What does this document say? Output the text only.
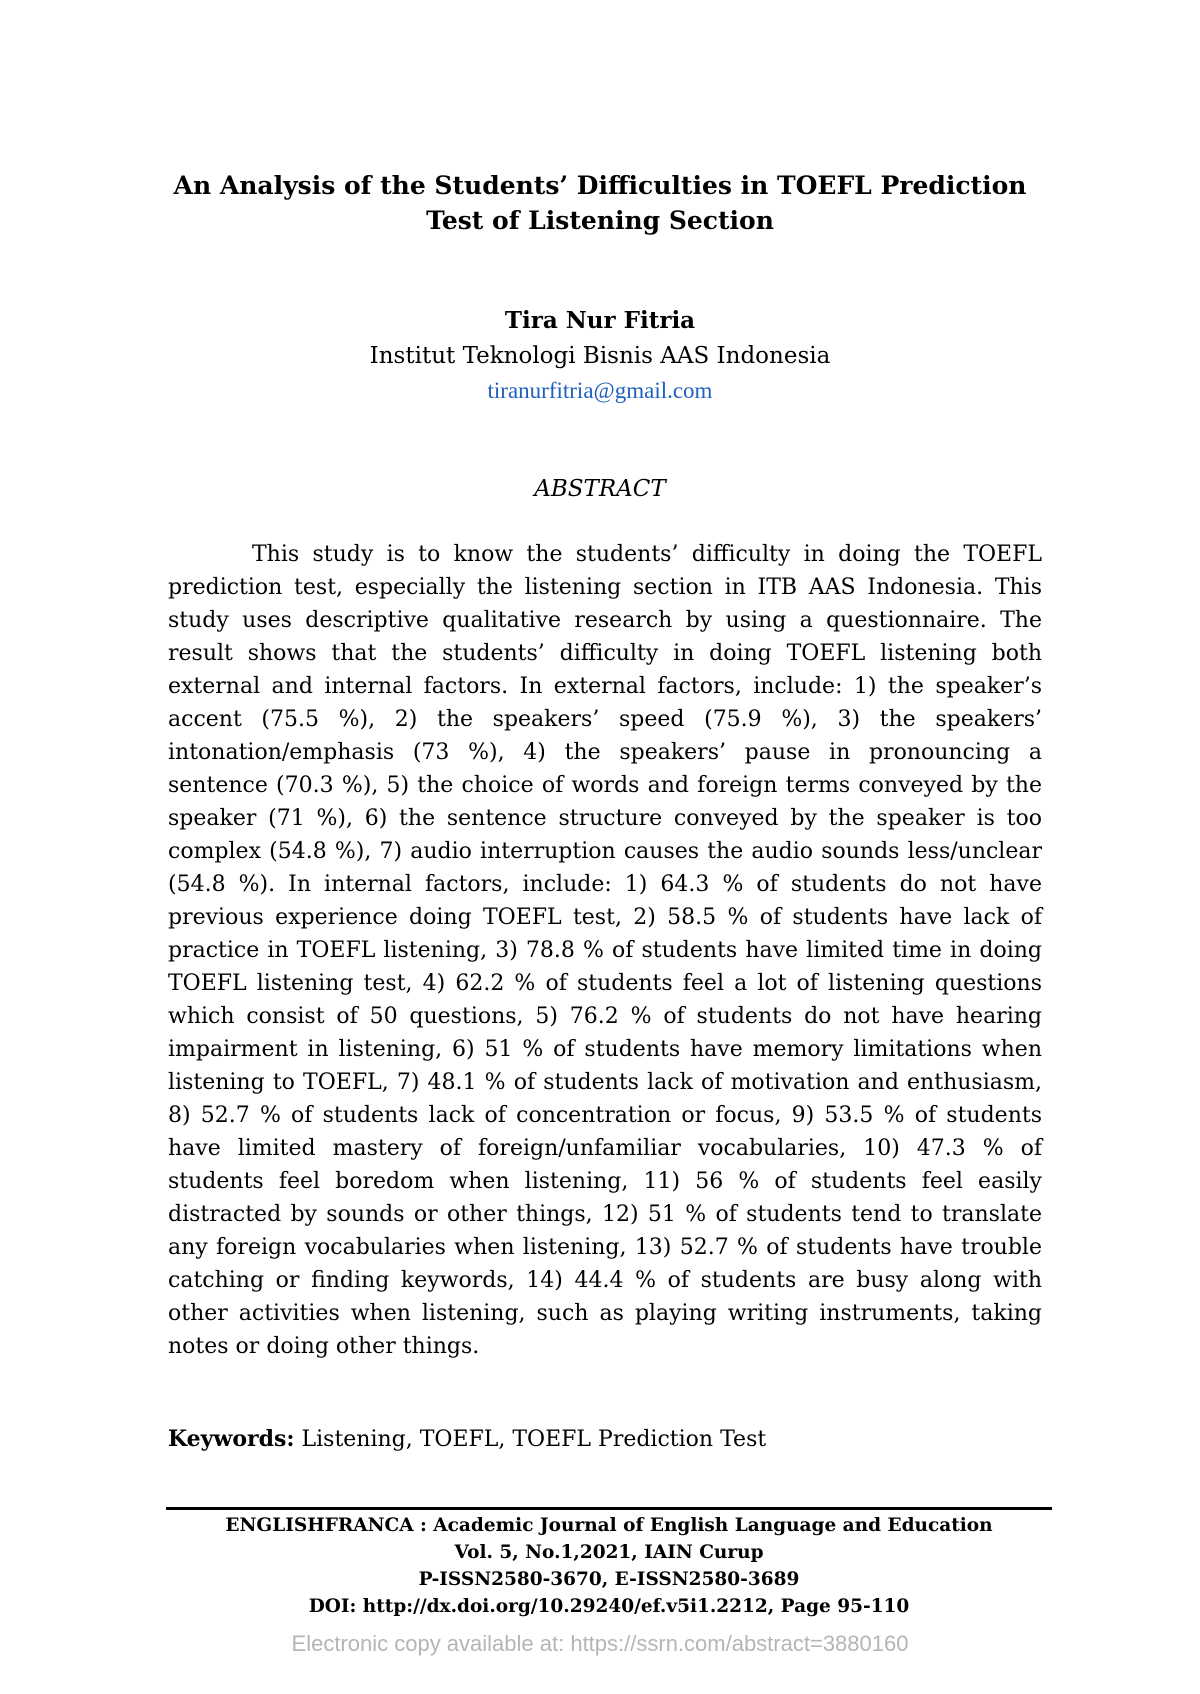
An Analysis of the Students’ Difficulties in TOEFL Prediction
Test of Listening Section
Tira Nur Fitria
Institut Teknologi Bisnis AAS Indonesia
tiranurfitria@gmail.com
ABSTRACT

This study is to know the students’ difficulty in doing the TOEFL prediction test, especially the listening section in ITB AAS Indonesia. This study uses descriptive qualitative research by using a questionnaire. The result shows that the students’ difficulty in doing TOEFL listening both external and internal factors. In external factors, include: 1) the speaker’s accent (75.5 %), 2) the speakers’ speed (75.9 %), 3) the speakers’ intonation/emphasis (73 %), 4) the speakers’ pause in pronouncing a sentence (70.3 %), 5) the choice of words and foreign terms conveyed by the speaker (71 %), 6) the sentence structure conveyed by the speaker is too complex (54.8 %), 7) audio interruption causes the audio sounds less/unclear (54.8 %). In internal factors, include: 1) 64.3 % of students do not have previous experience doing TOEFL test, 2) 58.5 % of students have lack of practice in TOEFL listening, 3) 78.8 % of students have limited time in doing TOEFL listening test, 4) 62.2 % of students feel a lot of listening questions which consist of 50 questions, 5) 76.2 % of students do not have hearing impairment in listening, 6) 51 % of students have memory limitations when listening to TOEFL, 7) 48.1 % of students lack of motivation and enthusiasm, 8) 52.7 % of students lack of concentration or focus, 9) 53.5 % of students have limited mastery of foreign/unfamiliar vocabularies, 10) 47.3 % of students feel boredom when listening, 11) 56 % of students feel easily distracted by sounds or other things, 12) 51 % of students tend to translate any foreign vocabularies when listening, 13) 52.7 % of students have trouble catching or finding keywords, 14) 44.4 % of students are busy along with other activities when listening, such as playing writing instruments, taking notes or doing other things.

Keywords: Listening, TOEFL, TOEFL Prediction Test
ENGLISHFRANCA : Academic Journal of English Language and Education
Vol. 5, No.1,2021, IAIN Curup
P-ISSN2580-3670, E-ISSN2580-3689
DOI: http://dx.doi.org/10.29240/ef.v5i1.2212, Page 95-110
Electronic copy available at: https://ssrn.com/abstract=3880160
